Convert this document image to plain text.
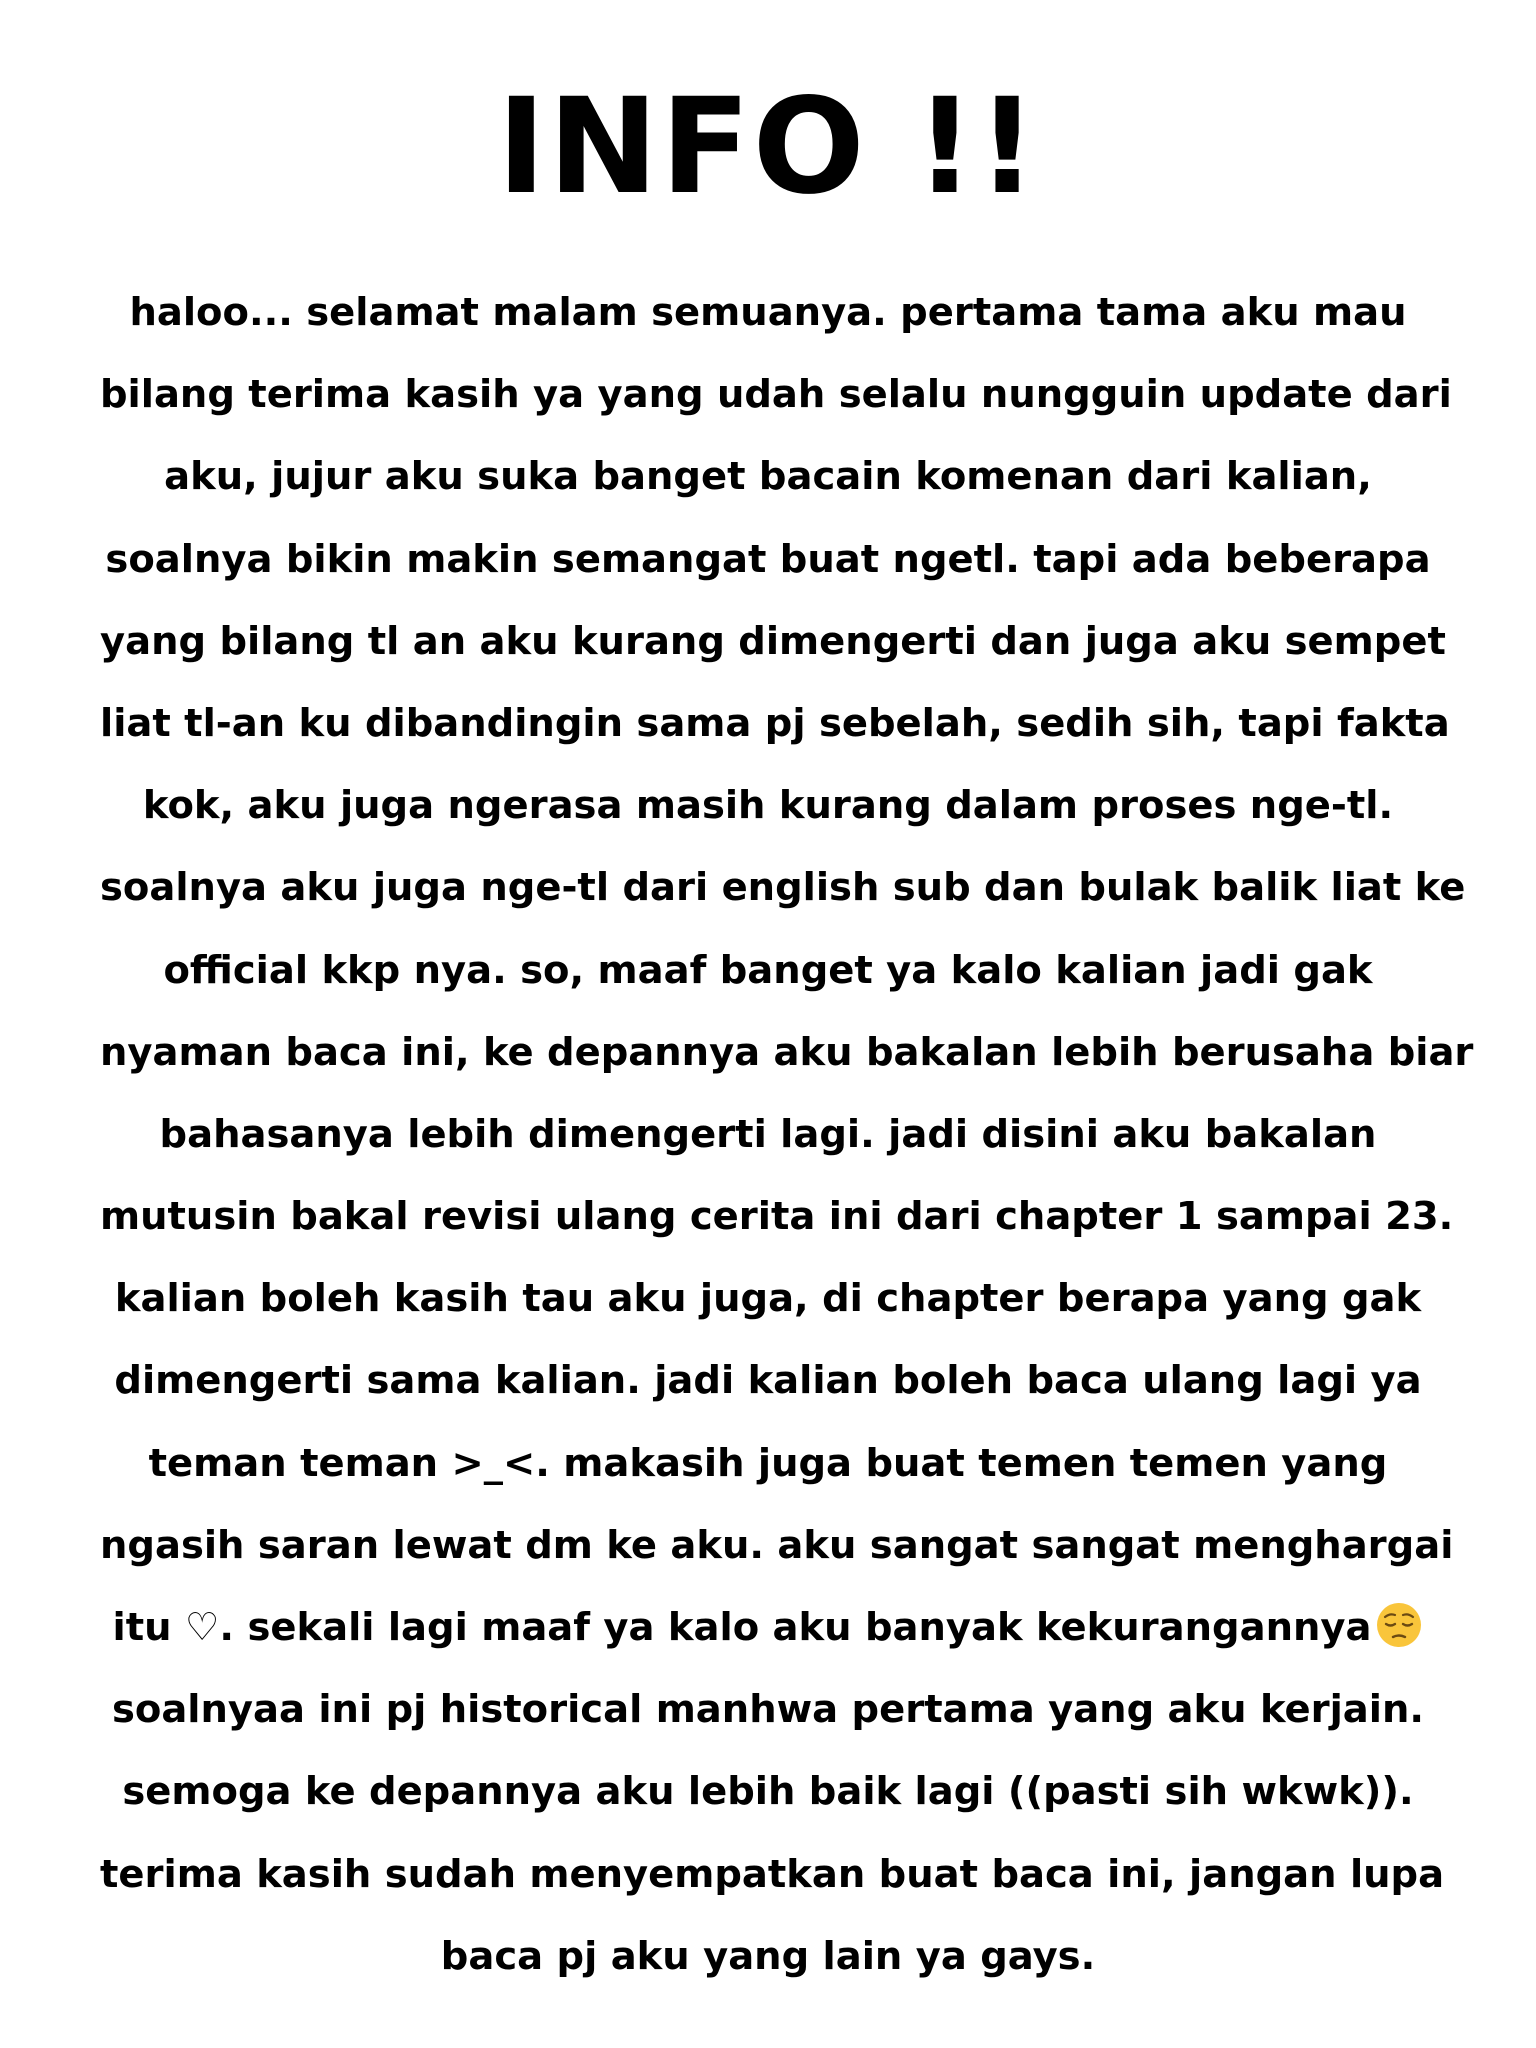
INFO !!
haloo... selamat malam semuanya. pertama tama aku mau
bilang terima kasih ya yang udah selalu nungguin update dari
aku, jujur aku suka banget bacain komenan dari kalian,
soalnya bikin makin semangat buat ngetl. tapi ada beberapa
yang bilang tl an aku kurang dimengerti dan juga aku sempet
liat tl-an ku dibandingin sama pj sebelah, sedih sih, tapi fakta
kok, aku juga ngerasa masih kurang dalam proses nge-tl.
soalnya aku juga nge-tl dari english sub dan bulak balik liat ke
official kkp nya. so, maaf banget ya kalo kalian jadi gak
nyaman baca ini, ke depannya aku bakalan lebih berusaha biar
bahasanya lebih dimengerti lagi. jadi disini aku bakalan
mutusin bakal revisi ulang cerita ini dari chapter 1 sampai 23.
kalian boleh kasih tau aku juga, di chapter berapa yang gak
dimengerti sama kalian. jadi kalian boleh baca ulang lagi ya
teman teman >_<. makasih juga buat temen temen yang
ngasih saran lewat dm ke aku. aku sangat sangat menghargai
itu ♡. sekali lagi maaf ya kalo aku banyak kekurangannya
soalnyaa ini pj historical manhwa pertama yang aku kerjain.
semoga ke depannya aku lebih baik lagi ((pasti sih wkwk)).
terima kasih sudah menyempatkan buat baca ini, jangan lupa
baca pj aku yang lain ya gays.
